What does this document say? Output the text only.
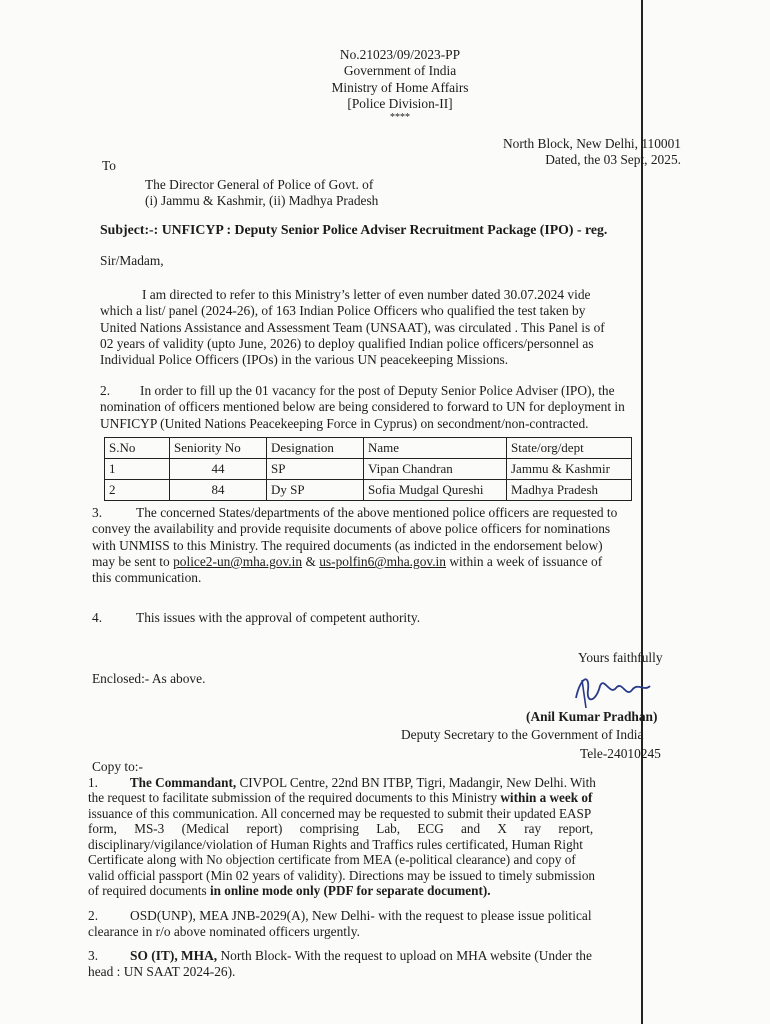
No.21023/09/2023-PP
Government of India
Ministry of Home Affairs
[Police Division-II]
****
North Block, New Delhi, 110001
Dated, the 03 Sept, 2025.
To
The Director General of Police of Govt. of
(i) Jammu & Kashmir, (ii) Madhya Pradesh
Subject:-: UNFICYP : Deputy Senior Police Adviser Recruitment Package (IPO) - reg.
Sir/Madam,
I am directed to refer to this Ministry’s letter of even number dated 30.07.2024 vide
which a list/ panel (2024-26), of 163 Indian Police Officers who qualified the test taken by
United Nations Assistance and Assessment Team (UNSAAT), was circulated . This Panel is of
02 years of validity (upto June, 2026) to deploy qualified Indian police officers/personnel as
Individual Police Officers (IPOs) in the various UN peacekeeping Missions.
2. In order to fill up the 01 vacancy for the post of Deputy Senior Police Adviser (IPO), the
nomination of officers mentioned below are being considered to forward to UN for deployment in
UNFICYP (United Nations Peacekeeping Force in Cyprus) on secondment/non-contracted.
S.No	Seniority No	Designation	Name	State/org/dept
1	44	SP	Vipan Chandran	Jammu & Kashmir
2	84	Dy SP	Sofia Mudgal Qureshi	Madhya Pradesh
3.	The concerned States/departments of the above mentioned police officers are requested to
convey the availability and provide requisite documents of above police officers for nominations
with UNMISS to this Ministry. The required documents (as indicted in the endorsement below)
may be sent to police2-un@mha.gov.in & us-polfin6@mha.gov.in within a week of issuance of
this communication.
4.	This issues with the approval of competent authority.
Enclosed:- As above.
Yours faithfully
(Anil Kumar Pradhan)
Deputy Secretary to the Government of India
Tele-24010245
Copy to:-
1. The Commandant, CIVPOL Centre, 22nd BN ITBP, Tigri, Madangir, New Delhi. With
the request to facilitate submission of the required documents to this Ministry within a week of
issuance of this communication. All concerned may be requested to submit their updated EASP
form, MS-3 (Medical report) comprising Lab, ECG and X ray report,
disciplinary/vigilance/violation of Human Rights and Traffics rules certificated, Human Right
Certificate along with No objection certificate from MEA (e-political clearance) and copy of
valid official passport (Min 02 years of validity). Directions may be issued to timely submission
of required documents in online mode only (PDF for separate document).
2. OSD(UNP), MEA JNB-2029(A), New Delhi- with the request to please issue political
clearance in r/o above nominated officers urgently.
3. SO (IT), MHA, North Block- With the request to upload on MHA website (Under the
head : UN SAAT 2024-26).
